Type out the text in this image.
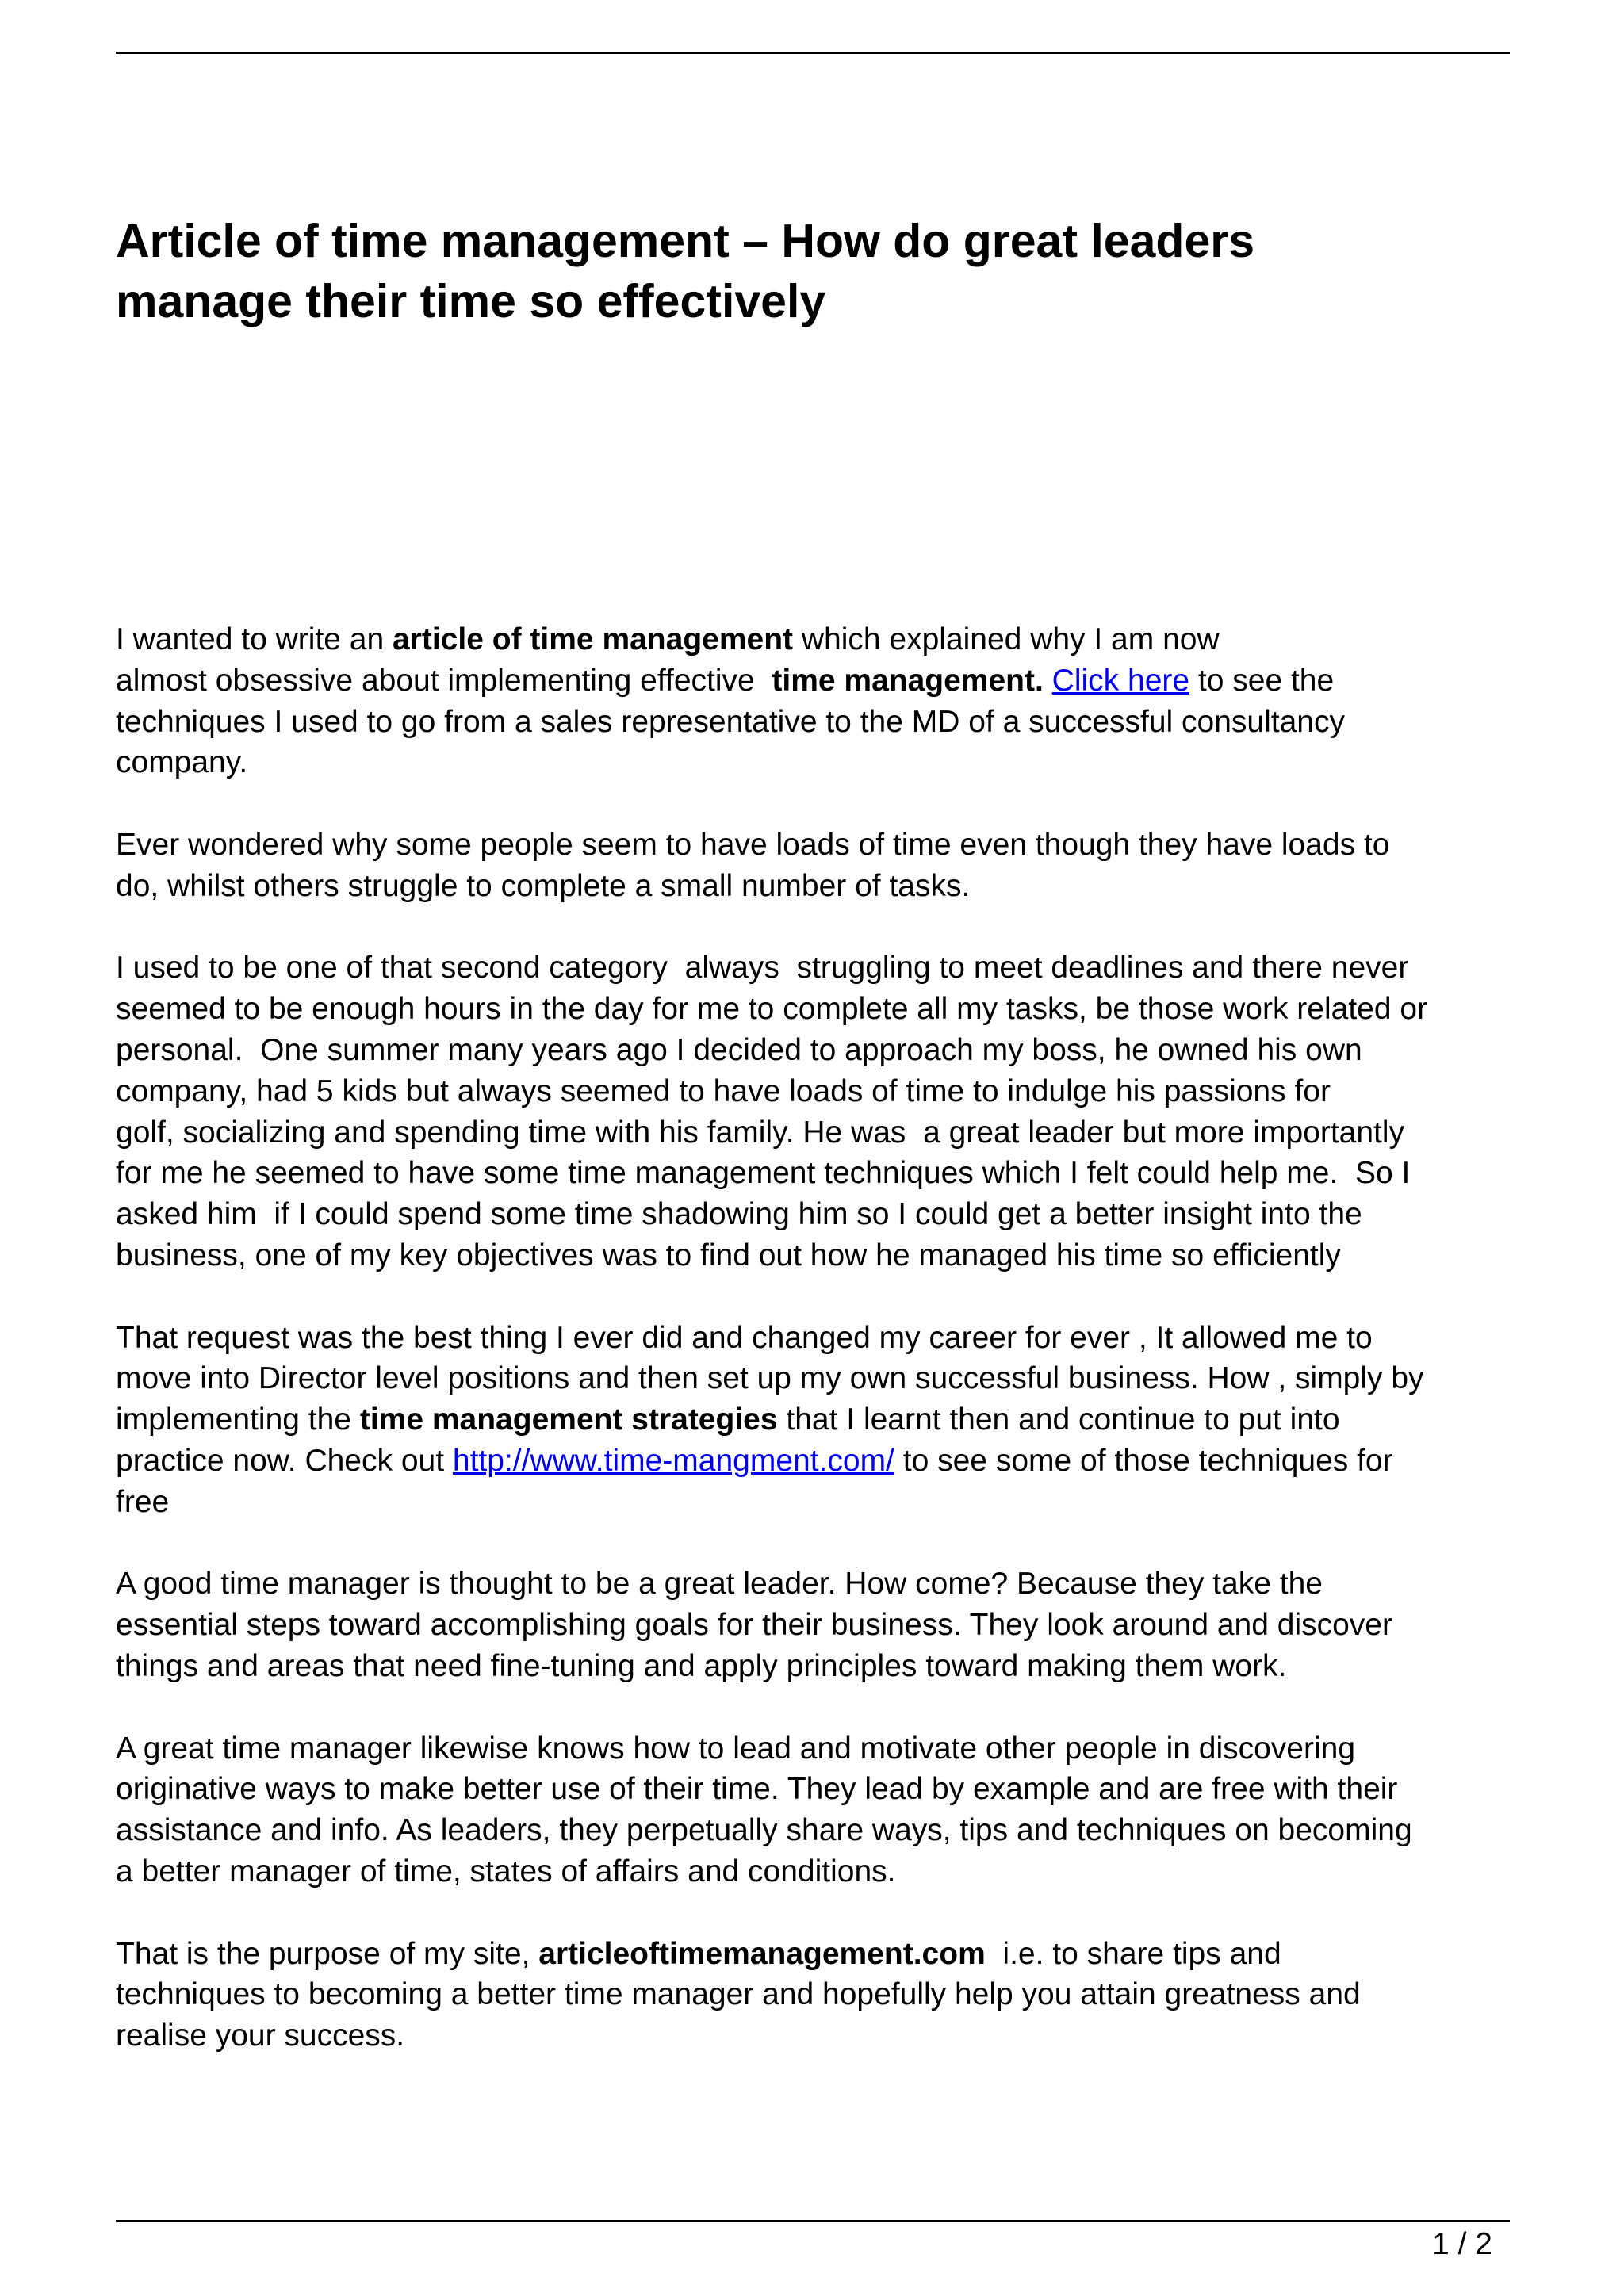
Article of time management – How do great leaders
manage their time so effectively

I wanted to write an article of time management which explained why I am now
almost obsessive about implementing effective  time management. Click here to see the
techniques I used to go from a sales representative to the MD of a successful consultancy
company.

Ever wondered why some people seem to have loads of time even though they have loads to
do, whilst others struggle to complete a small number of tasks.

I used to be one of that second category  always  struggling to meet deadlines and there never
seemed to be enough hours in the day for me to complete all my tasks, be those work related or
personal.  One summer many years ago I decided to approach my boss, he owned his own
company, had 5 kids but always seemed to have loads of time to indulge his passions for
golf, socializing and spending time with his family. He was  a great leader but more importantly
for me he seemed to have some time management techniques which I felt could help me.  So I
asked him  if I could spend some time shadowing him so I could get a better insight into the
business, one of my key objectives was to find out how he managed his time so efficiently

That request was the best thing I ever did and changed my career for ever , It allowed me to
move into Director level positions and then set up my own successful business. How , simply by
implementing the time management strategies that I learnt then and continue to put into
practice now. Check out http://www.time-mangment.com/ to see some of those techniques for
free

A good time manager is thought to be a great leader. How come? Because they take the
essential steps toward accomplishing goals for their business. They look around and discover
things and areas that need fine-tuning and apply principles toward making them work.

A great time manager likewise knows how to lead and motivate other people in discovering
originative ways to make better use of their time. They lead by example and are free with their
assistance and info. As leaders, they perpetually share ways, tips and techniques on becoming
a better manager of time, states of affairs and conditions.

That is the purpose of my site, articleoftimemanagement.com  i.e. to share tips and
techniques to becoming a better time manager and hopefully help you attain greatness and
realise your success.

1 / 2
